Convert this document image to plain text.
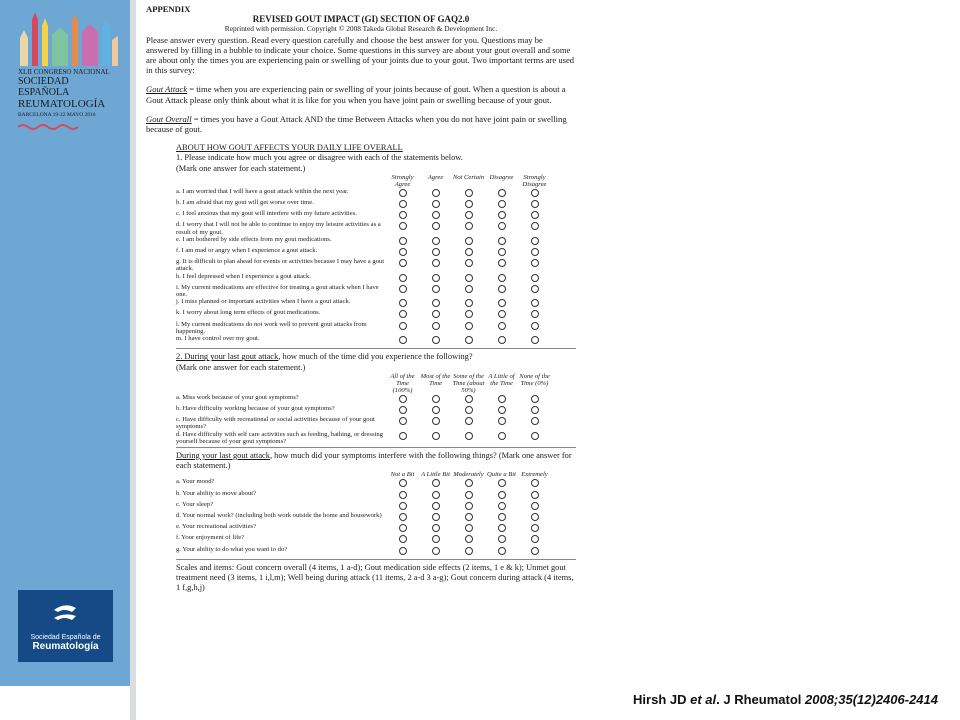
XLII CONGRESO NACIONAL
SOCIEDAD ESPAÑOLA
REUMATOLOGÍA
BARCELONA 19-22 MAYO 2016
Sociedad Española de
Reumatología

APPENDIX

REVISED GOUT IMPACT (GI) SECTION OF GAQ2.0

Reprinted with permission. Copyright © 2008 Takeda Global Research & Development Inc.

Please answer every question. Read every question carefully and choose the best answer for you. Questions may be answered by filling in a bubble to indicate your choice. Some questions in this survey are about your gout overall and some are about only the times you are experiencing pain or swelling of your joints due to your gout. Two important terms are used in this survey:

Gout Attack = time when you are experiencing pain or swelling of your joints because of gout. When a question is about a Gout Attack please only think about what it is like for you when you have joint pain or swelling because of your gout.

Gout Overall = times you have a Gout Attack AND the time Between Attacks when you do not have joint pain or swelling because of gout.

ABOUT HOW GOUT AFFECTS YOUR DAILY LIFE OVERALL

1. Please indicate how much you agree or disagree with each of the statements below.

(Mark one answer for each statement.)

	Strongly Agree	Agree	Not Certain	Disagree	Strongly Disagree
a. I am worried that I will have a gout attack within the next year.					
b. I am afraid that my gout will get worse over time.					
c. I feel anxious that my gout will interfere with my future activities.					
d. I worry that I will not be able to continue to enjoy my leisure activities as a result of my gout.					
e. I am bothered by side effects from my gout medications.					
f. I am mad or angry when I experience a gout attack.					
g. It is difficult to plan ahead for events or activities because I may have a gout attack.					
h. I feel depressed when I experience a gout attack.					
i. My current medications are effective for treating a gout attack when I have one.					
j. I miss planned or important activities when I have a gout attack.					
k. I worry about long term effects of gout medications.					
l. My current medications do not work well to prevent gout attacks from happening.					
m. I have control over my gout.					

2. During your last gout attack, how much of the time did you experience the following?

(Mark one answer for each statement.)

	All of the Time (100%)	Most of the Time	Some of the Time (about 50%)	A Little of the Time	None of the Time (0%)
a. Miss work because of your gout symptoms?					
b. Have difficulty working because of your gout symptoms?					
c. Have difficulty with recreational or social activities because of your gout symptoms?					
d. Have difficulty with self care activities such as feeding, bathing, or dressing yourself because of your gout symptoms?					

During your last gout attack, how much did your symptoms interfere with the following things? (Mark one answer for each statement.)

	Not a Bit	A Little Bit	Moderately	Quite a Bit	Extremely
a. Your mood?					
b. Your ability to move about?					
c. Your sleep?					
d. Your normal work? (including both work outside the home and housework)					
e. Your recreational activities?					
f. Your enjoyment of life?					
g. Your ability to do what you want to do?					

Scales and items: Gout concern overall (4 items, 1 a-d); Gout medication side effects (2 items, 1 e & k); Unmet gout treatment need (3 items, 1 i,l,m); Well being during attack (11 items, 2 a-d 3 a-g); Gout concern during attack (4 items, 1 f,g,h,j)

Hirsh JD et al. J Rheumatol 2008;35(12)2406-2414
